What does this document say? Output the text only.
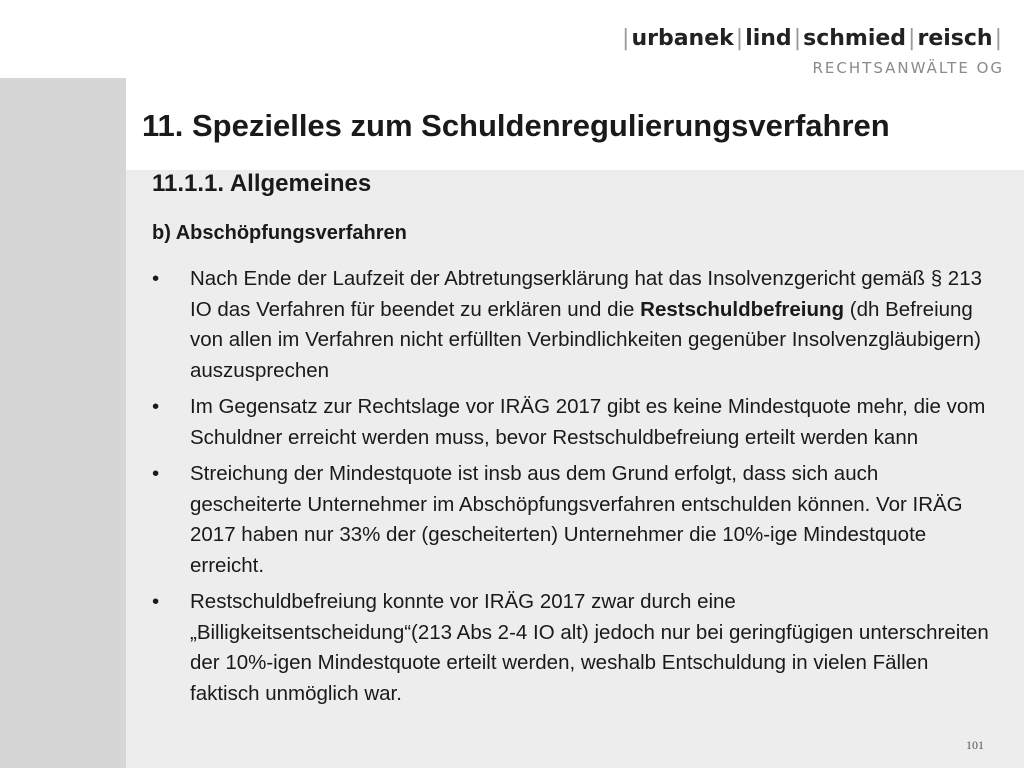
|urbanek|lind|schmied|reisch|
RECHTSANWÄLTE OG
11. Spezielles zum Schuldenregulierungsverfahren
11.1.1. Allgemeines
b) Abschöpfungsverfahren
• Nach Ende der Laufzeit der Abtretungserklärung hat das Insolvenzgericht gemäß § 213 IO das Verfahren für beendet zu erklären und die Restschuldbefreiung (dh Befreiung von allen im Verfahren nicht erfüllten Verbindlichkeiten gegenüber Insolvenzgläubigern) auszusprechen
• Im Gegensatz zur Rechtslage vor IRÄG 2017 gibt es keine Mindestquote mehr, die vom Schuldner erreicht werden muss, bevor Restschuldbefreiung erteilt werden kann
• Streichung der Mindestquote ist insb aus dem Grund erfolgt, dass sich auch gescheiterte Unternehmer im Abschöpfungsverfahren entschulden können. Vor IRÄG 2017 haben nur 33% der (gescheiterten) Unternehmer die 10%-ige Mindestquote erreicht.
• Restschuldbefreiung konnte vor IRÄG 2017 zwar durch eine „Billigkeitsentscheidung“(213 Abs 2-4 IO alt) jedoch nur bei geringfügigen unterschreiten der 10%-igen Mindestquote erteilt werden, weshalb Entschuldung in vielen Fällen faktisch unmöglich war.
101
